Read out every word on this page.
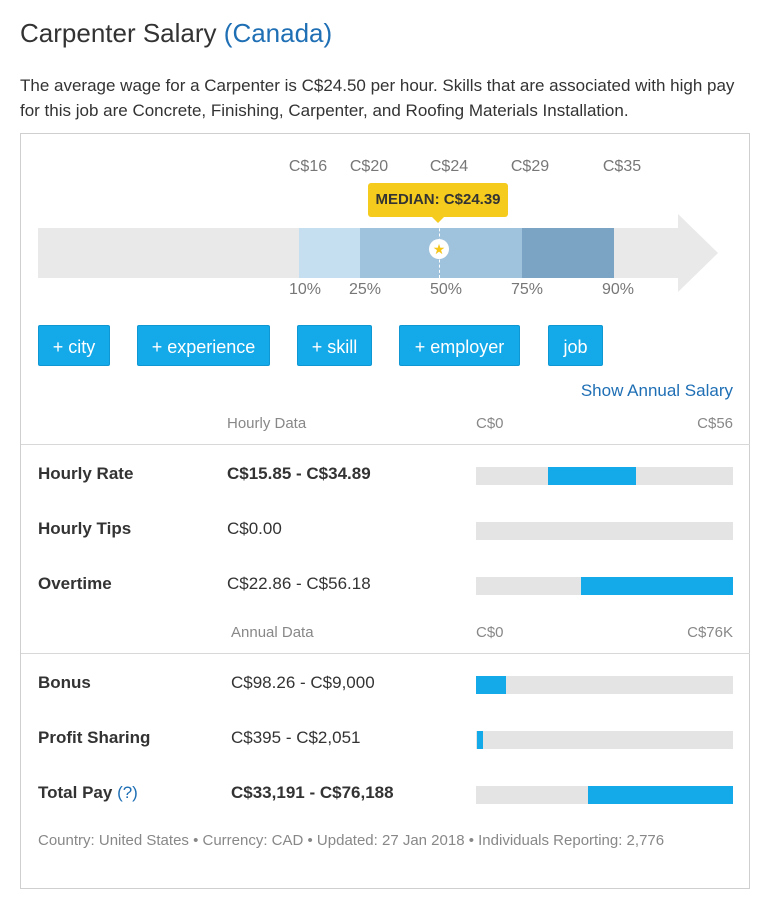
Carpenter Salary (Canada)
The average wage for a Carpenter is C$24.50 per hour. Skills that are associated with high pay for this job are Concrete, Finishing, Carpenter, and Roofing Materials Installation.
C$16 C$20	C$24	C$29	C$35
★
MEDIAN: C$24.39
10% 25%	50%	75%	90%
+ city	+ experience	+ skill	+ employer	job
Show Annual Salary
Hourly Data	C$0	C$56
Hourly Rate	C$15.85 - C$34.89
Hourly Tips	C$0.00
Overtime	C$22.86 - C$56.18
Annual Data	C$0	C$76K
Bonus	C$98.26 - C$9,000
Profit Sharing	C$395 - C$2,051
Total Pay (?)	C$33,191 - C$76,188
Country: United States • Currency: CAD • Updated: 27 Jan 2018 • Individuals Reporting: 2,776
